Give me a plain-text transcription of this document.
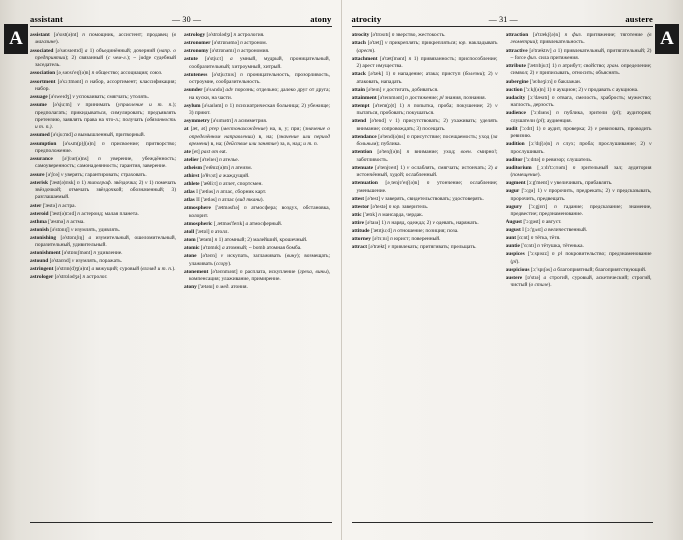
A
assistant	— 30 —	atony

assistant [ə'sɪst(ə)nt] n помощник, ассистент; продавец (в магазине).

associated [ə'səʋsɪeɪtɪd] a 1) объединённый; дочерний (напр. о предприятии); 2) связанный (с чем-л.); ~ judge судебный заседатель.

association [əˌsəʋsɪ'eɪʃ(ə)n] n общество; ассоциация; союз.

assortment [ə'sɔːtmənt] n набор, ассортимент; классификация; набор.

assuage [ə'sweɪdʒ] v успокаивать; смягчать; утолять.

assume [ə'sjuːm] v принимать (управление и т. п.); предполагать; прикидываться, симулировать; предъявлять претензию, заявлять права на что-л.; получать (обязанность и т. п.).

assumed [ə'sjuːmd] a вымышленный, притворный.

assumption [ə'sʌm(p)ʃ(ə)n] n присвоение; притворство; предположение.

assurance [ə'ʃʋər(ə)ns] n уверение, убеждённость; самоуверенность; самонадеянность; гарантия, заверение.

assure [ə'ʃʋə] v уверять; гарантировать; страховать.

asterisk ['æst(ə)rɪsk] n 1) типограф. звёздочка; 2) v 1) помечать звёздочкой; отмечать звёздочкой; обозначенный; 3) разглашаемый.

aster ['æstə] n астра.

asteroid ['æst(ə)rɔɪd] n астероид; малая планета.

asthma ['æsmə] n астма.

astonish [ə'stɒnɪʃ] v изумлять, удивлять.

astonishing [ə'stɒnɪʃɪŋ] a изумительный, ошеломительный, поразительный, удивительный.

astonishment [ə'stɒnɪʃmənt] n удивление.

astound [ə'staʋnd] v изумлять, поражать.

astringent [ə'strɪn(d)ʒ(ə)nt] a вяжущий; суровый (взгляд и т. п.).

astrologer [ə'strɒlədʒə] n астролог.

astrology [ə'strɒlədʒɪ] n астрология.

astronomer [ə'strɒnəmə] n астроном.

astronomy [ə'strɒnəmɪ] n астрономия.

astute [ə'stjuːt] a умный, мудрый, проницательный, сообразительный; хитроумный, хитрый.

astuteness [ə'stjuːtnɪs] n проницательность, прозорливость, остроумие, сообразительность.

asunder [ə'sʌndə] adv порознь; отдельно; далеко друг от друга; на куски, на части.

asylum [ə'saɪləm] n 1) психиатрическая больница; 2) убежище; 3) приют.

asymmetry [ə'sɪmətrɪ] n асимметрия.

at [æt, ət] prep (местонахождение) на, в, у; при; (значение о определённом направлении) в, на; (значение или период времени) в, на; (действие или занятие) за, в, над; и т. п.

ate [et] past от eat.

atelier [ə'telɪeɪ] n ателье.

atheism ['eɪθɪɪz(ə)m] n атеизм.

athirst [ə'θɜːst] a жаждущий.

athlete ['æθliːt] n атлет, спортсмен.

atlas I ['ætləs] n атлас, сборник карт.

atlas II ['ætləs] n атлас (вид ткани).

atmosphere ['ætməsfɪə] n атмосфера; воздух, обстановка, колорит.

atmospheric [ˌætməs'ferɪk] a атмосферный.

atoll ['ætɒl] n атолл.

atom ['ætəm] n 1) атомный; 2) малейший, крошечный.

atomic [ə'tɒmɪk] a атомный; ~ bomb атомная бомба.

atone [ə'təʋn] v искупать, заглаживать (вину); возмещать; улаживать (ссору).

atonement [ə'təʋnmənt] n расплата, искупление (греха, вины), компенсация; улаживание, примирение.

atony ['ætənɪ] n мед. атония.

A
atrocity	— 31 —	austere

atrocity [ə'trɒsɪtɪ] n зверство, жестокость.

attach [ə'tætʃ] v прикреплять; прикрепляться; юр. накладывать (арест).

attachment [ə'tætʃmənt] n 1) привязанность; приспособление; 2) арест имущества.

attack [ə'tæk] 1) n нападение; атака; приступ (болезни); 2) v атаковать, нападать.

attain [ə'teɪn] v достигать, добиваться.

attainment [ə'teɪnmənt] n достижение; pl знания, познания.

attempt [ə'tem(p)t] 1) n попытка, проба; покушение; 2) v пытаться, пробовать; покушаться.

attend [ə'tend] v 1) присутствовать; 2) ухаживать; уделять внимание; сопровождать; 3) посещать.

attendance [ə'tend(ə)ns] n присутствие; посещаемость; уход (за больным); публика.

attention [ə'tenʃ(ə)n] n внимание; уход; воен. смирно!; заботливость.

attenuate [ə'tenjʋeɪt] 1) v ослаблять, смягчать; истончать; 2) a истончённый, худой; ослабленный.

attenuation [əˌtenjʋ'eɪʃ(ə)n] n утончение; ослабление; уменьшение.

attest [ə'test] v заверять, свидетельствовать; удостоверять.

attestor [ə'testə] n юр. заверитель.

attic ['ætɪk] n мансарда, чердак.

attire [ə'taɪə] 1) n наряд, одежда; 2) v одевать, наряжать.

attitude ['ætɪtjuːd] n отношение; позиция; поза.

attorney [ə'tɜːnɪ] n юрист; поверенный.

attract [ə'trækt] v привлекать; притягивать; прельщать.

attraction [ə'trækʃ(ə)n] n физ. притяжение; тяготение (в геометрии); привлекательность.

attractive [ə'træktɪv] a 1) привлекательный, притягательный; 2) ~ force физ. сила притяжения.

attribute ['ætrɪbjuːt] 1) n атрибут; свойство; грам. определение; символ; 2) v приписывать, относить; объяснять.

aubergine ['əʋbəʒiːn] n баклажан.

auction ['ɔːkʃ(ə)n] 1) n аукцион; 2) v продавать с аукциона.

audacity [ɔː'dæsɪtɪ] n отвага, смелость, храбрость; мужество; наглость, дерзость.

audience ['ɔːdɪəns] n публика, зрители (pl); аудитория; слушатели (pl); аудиенция.

audit ['ɔːdɪt] 1) n аудит, проверка; 2) v ревизовать, проводить ревизию.

audition [ɔː'dɪʃ(ə)n] n слух; проба; прослушивание; 2) v прослушивать.

auditor ['ɔːdɪtə] n ревизор; слушатель.

auditorium [ˌɔːdɪ'tɔːrɪəm] n зрительный зал; аудитория (помещение).

augment [ɔːg'ment] v увеличивать, прибавлять.

augur ['ɔːgə] 1) v пророчить, предрекать; 2) v предсказывать, пророчить, предвещать.

augury ['ɔːgjʋrɪ] n гадание; предсказание; знамение, предвестие; предзнаменование.

August ['ɔːgəst] n август.

august I [ɔː'gʌst] a величественный.

aunt [ɑːnt] n тётка, тётя.

auntie ['ɑːntɪ] n тётушка, тётенька.

auspices ['ɔːspɪsɪz] n pl покровительство; предзнаменование (pl).

auspicious [ɔː'spɪʃəs] a благоприятный; благоприятствующий.

austere [ɒ'stɪə] a строгий, суровый, аскетический; строгий, чистый (о стиле).
